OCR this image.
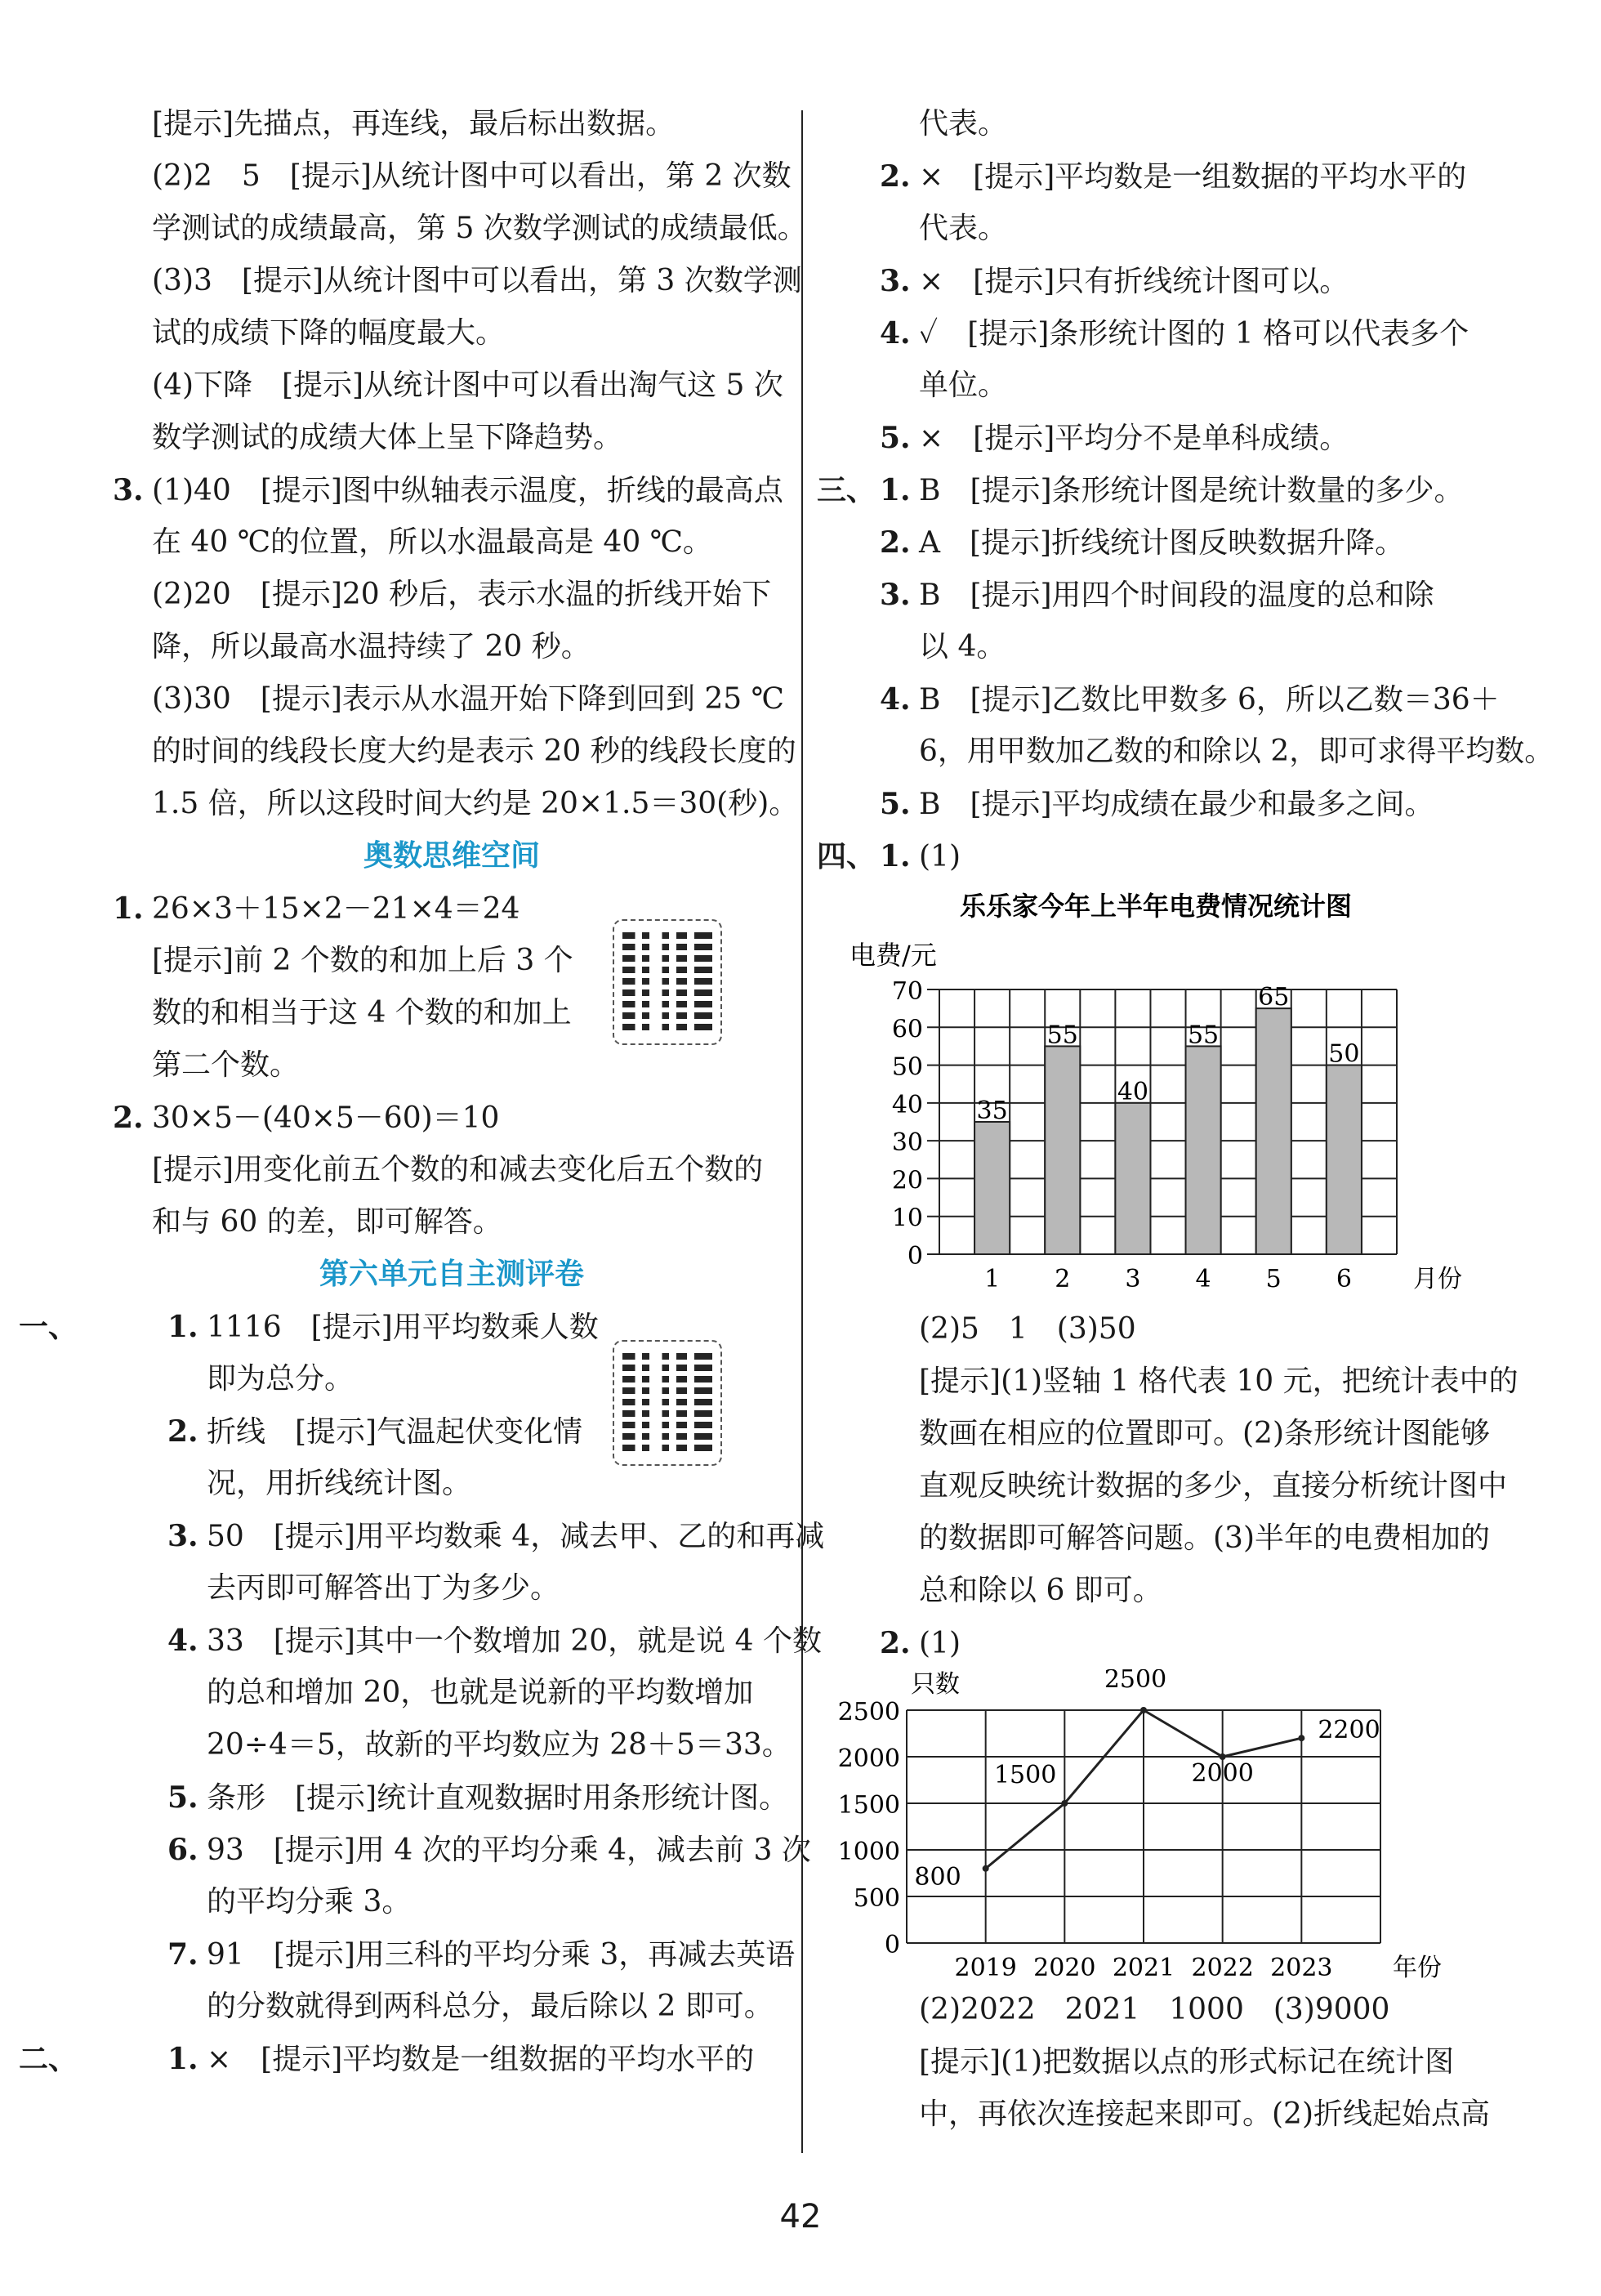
[提示]先描点，再连线，最后标出数据。
(2)2　5　[提示]从统计图中可以看出，第 2 次数
学测试的成绩最高，第 5 次数学测试的成绩最低。
(3)3　[提示]从统计图中可以看出，第 3 次数学测
试的成绩下降的幅度最大。
(4)下降　[提示]从统计图中可以看出淘气这 5 次
数学测试的成绩大体上呈下降趋势。
3. (1)40　[提示]图中纵轴表示温度，折线的最高点
在 40 ℃的位置，所以水温最高是 40 ℃。
(2)20　[提示]20 秒后，表示水温的折线开始下
降，所以最高水温持续了 20 秒。
(3)30　[提示]表示从水温开始下降到回到 25 ℃
的时间的线段长度大约是表示 20 秒的线段长度的
1.5 倍，所以这段时间大约是 20×1.5＝30(秒)。
奥数思维空间
1. 26×3＋15×2－21×4＝24
[提示]前 2 个数的和加上后 3 个
数的和相当于这 4 个数的和加上
第二个数。
2. 30×5－(40×5－60)＝10
[提示]用变化前五个数的和减去变化后五个数的
和与 60 的差，即可解答。
第六单元自主测评卷
一、	1. 1116　[提示]用平均数乘人数
即为总分。
2. 折线　[提示]气温起伏变化情
况，用折线统计图。
3. 50　[提示]用平均数乘 4，减去甲、乙的和再减
去丙即可解答出丁为多少。
4. 33　[提示]其中一个数增加 20，就是说 4 个数
的总和增加 20，也就是说新的平均数增加
20÷4＝5，故新的平均数应为 28＋5＝33。
5. 条形　[提示]统计直观数据时用条形统计图。
6. 93　[提示]用 4 次的平均分乘 4，减去前 3 次
的平均分乘 3。
7. 91　[提示]用三科的平均分乘 3，再减去英语
的分数就得到两科总分，最后除以 2 即可。
二、	1. ×　[提示]平均数是一组数据的平均水平的
代表。
2. ×　[提示]平均数是一组数据的平均水平的
代表。
3. ×　[提示]只有折线统计图可以。
4. ✓　[提示]条形统计图的 1 格可以代表多个
单位。
5. ×　[提示]平均分不是单科成绩。
三、 1. B　[提示]条形统计图是统计数量的多少。
2. A　[提示]折线统计图反映数据升降。
3. B　[提示]用四个时间段的温度的总和除
以 4。
4. B　[提示]乙数比甲数多 6，所以乙数＝36＋
6，用甲数加乙数的和除以 2，即可求得平均数。
5. B　[提示]平均成绩在最少和最多之间。
四、 1. (1)
乐乐家今年上半年电费情况统计图
电费/元
0
10
20
30
40
50
60
70
35
1
55
2
40
3
55
4
65
5
50
6	月份
(2)5　1　(3)50
[提示](1)竖轴 1 格代表 10 元，把统计表中的
数画在相应的位置即可。(2)条形统计图能够
直观反映统计数据的多少，直接分析统计图中
的数据即可解答问题。(3)半年的电费相加的
总和除以 6 即可。
2. (1)
只数
0
500
1000
1500
2000
2500
800
2019
1500
2020
2500
2021
2000
2022
2200
2023 年份
(2)2022　2021　1000　(3)9000
[提示](1)把数据以点的形式标记在统计图
中，再依次连接起来即可。(2)折线起始点高
42
